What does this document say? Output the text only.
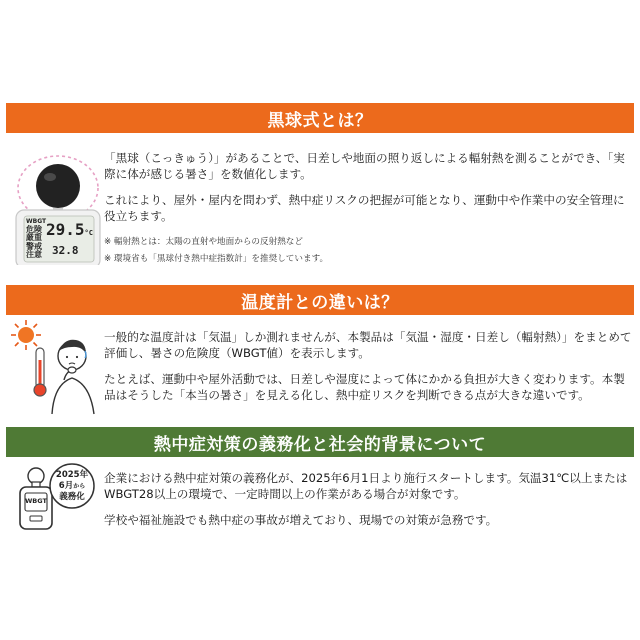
黒球式とは？
WBGT
危険
厳重
警戒
注意
29.5°C
32.8

「黒球（こっきゅう）」があることで、日差しや地面の照り返しによる輻射熱を測ることができ、「実際に体が感じる暑さ」を数値化します。

これにより、屋外・屋内を問わず、熱中症リスクの把握が可能となり、運動中や作業中の安全管理に役立ちます。

※ 輻射熱とは：太陽の直射や地面からの反射熱など
※ 環境省も「黒球付き熱中症指数計」を推奨しています。
温度計との違いは？

一般的な温度計は「気温」しか測れませんが、本製品は「気温・湿度・日差し（輻射熱）」をまとめて評価し、暑さの危険度（WBGT値）を表示します。

たとえば、運動中や屋外活動では、日差しや湿度によって体にかかる負担が大きく変わります。本製品はそうした「本当の暑さ」を見える化し、熱中症リスクを判断できる点が大きな違いです。

熱中症対策の義務化と社会的背景について
WBGT
2025年
6月から
義務化

企業における熱中症対策の義務化が、2025年6月1日より施行スタートします。気温31℃以上またはWBGT28以上の環境で、一定時間以上の作業がある場合が対象です。

学校や福祉施設でも熱中症の事故が増えており、現場での対策が急務です。
